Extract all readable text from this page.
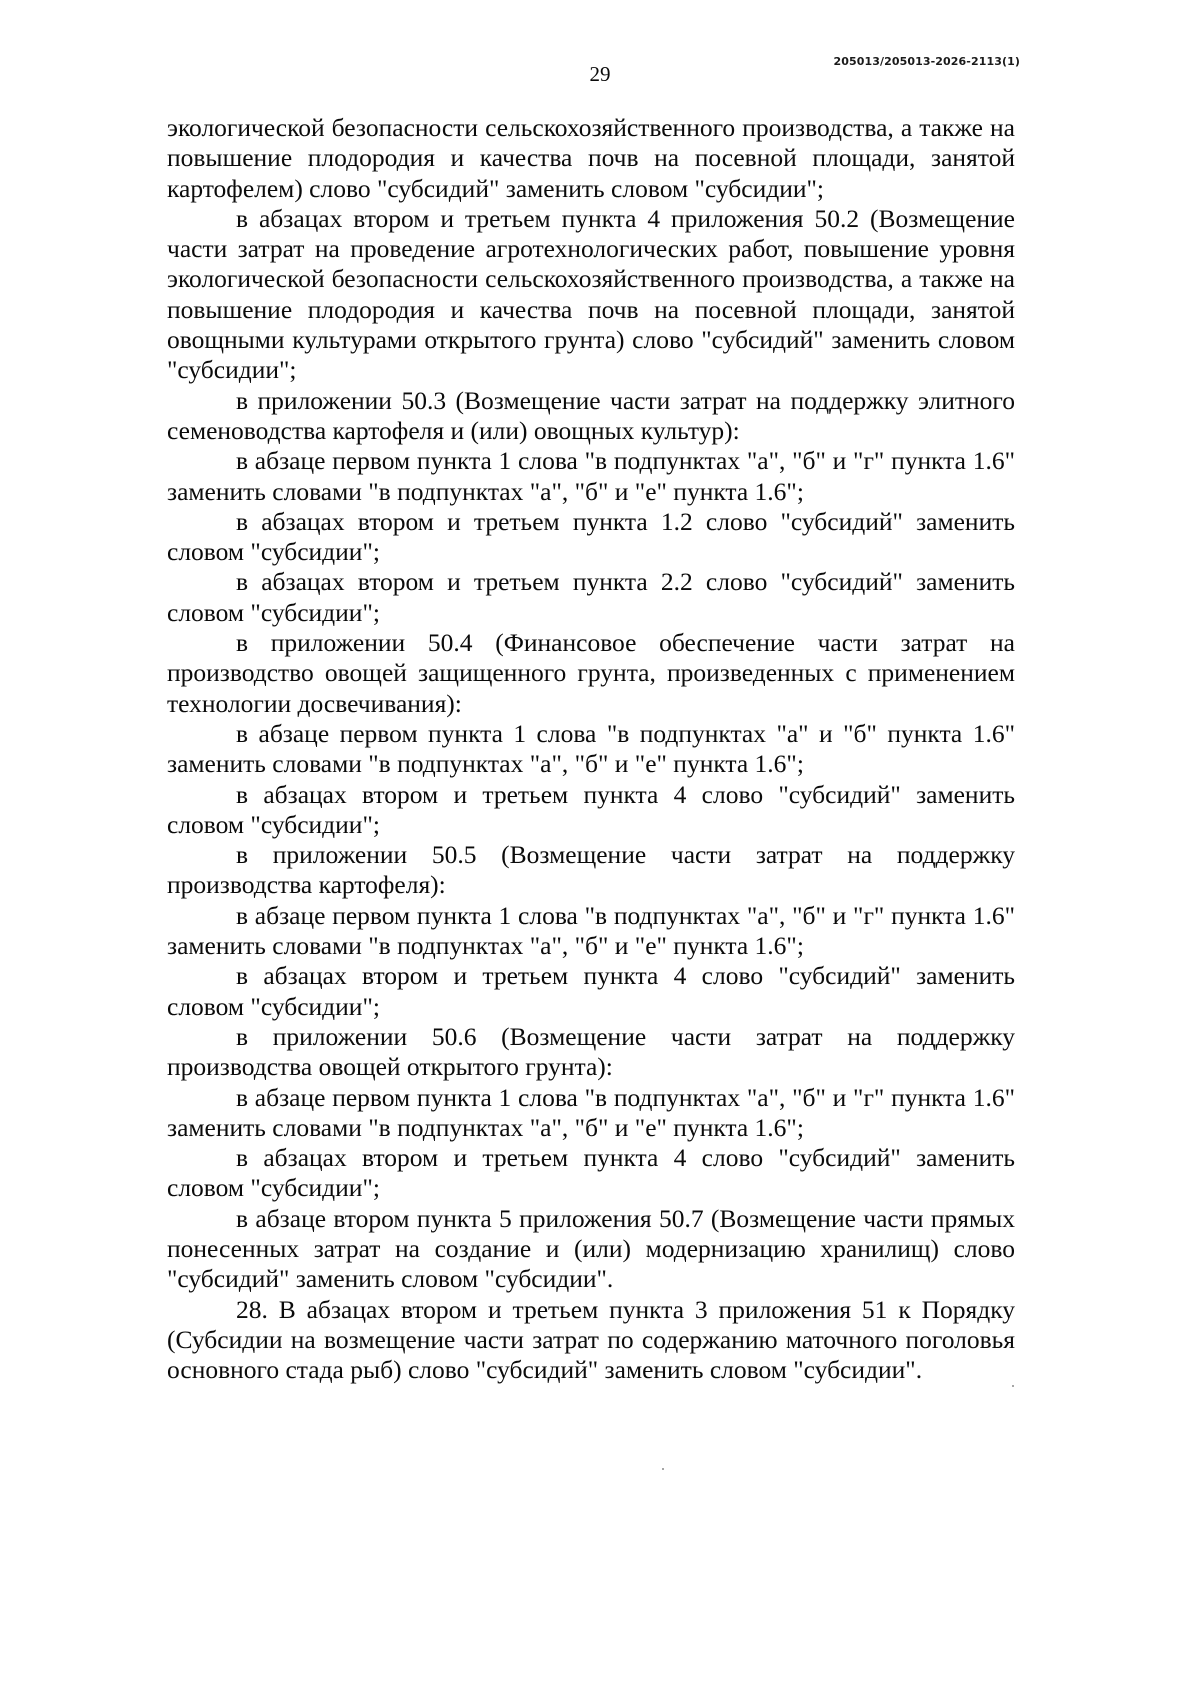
205013/205013-2026-2113(1)
29

экологической безопасности сельскохозяйственного производства, а также на повышение плодородия и качества почв на посевной площади, занятой картофелем) слово "субсидий" заменить словом "субсидии";

в абзацах втором и третьем пункта 4 приложения 50.2 (Возмещение части затрат на проведение агротехнологических работ, повышение уровня экологической безопасности сельскохозяйственного производства, а также на повышение плодородия и качества почв на посевной площади, занятой овощными культурами открытого грунта) слово "субсидий" заменить словом "субсидии";

в приложении 50.3 (Возмещение части затрат на поддержку элитного семеноводства картофеля и (или) овощных культур):

в абзаце первом пункта 1 слова "в подпунктах "а", "б" и "г" пункта 1.6" заменить словами "в подпунктах "а", "б" и "е" пункта 1.6";

в абзацах втором и третьем пункта 1.2 слово "субсидий" заменить словом "субсидии";

в абзацах втором и третьем пункта 2.2 слово "субсидий" заменить словом "субсидии";

в приложении 50.4 (Финансовое обеспечение части затрат на производство овощей защищенного грунта, произведенных с применением технологии досвечивания):

в абзаце первом пункта 1 слова "в подпунктах "а" и "б" пункта 1.6" заменить словами "в подпунктах "а", "б" и "е" пункта 1.6";

в абзацах втором и третьем пункта 4 слово "субсидий" заменить словом "субсидии";

в приложении 50.5 (Возмещение части затрат на поддержку производства картофеля):

в абзаце первом пункта 1 слова "в подпунктах "а", "б" и "г" пункта 1.6" заменить словами "в подпунктах "а", "б" и "е" пункта 1.6";

в абзацах втором и третьем пункта 4 слово "субсидий" заменить словом "субсидии";

в приложении 50.6 (Возмещение части затрат на поддержку производства овощей открытого грунта):

в абзаце первом пункта 1 слова "в подпунктах "а", "б" и "г" пункта 1.6" заменить словами "в подпунктах "а", "б" и "е" пункта 1.6";

в абзацах втором и третьем пункта 4 слово "субсидий" заменить словом "субсидии";

в абзаце втором пункта 5 приложения 50.7 (Возмещение части прямых понесенных затрат на создание и (или) модернизацию хранилищ) слово "субсидий" заменить словом "субсидии".

28. В абзацах втором и третьем пункта 3 приложения 51 к Порядку (Субсидии на возмещение части затрат по содержанию маточного поголовья основного стада рыб) слово "субсидий" заменить словом "субсидии".
